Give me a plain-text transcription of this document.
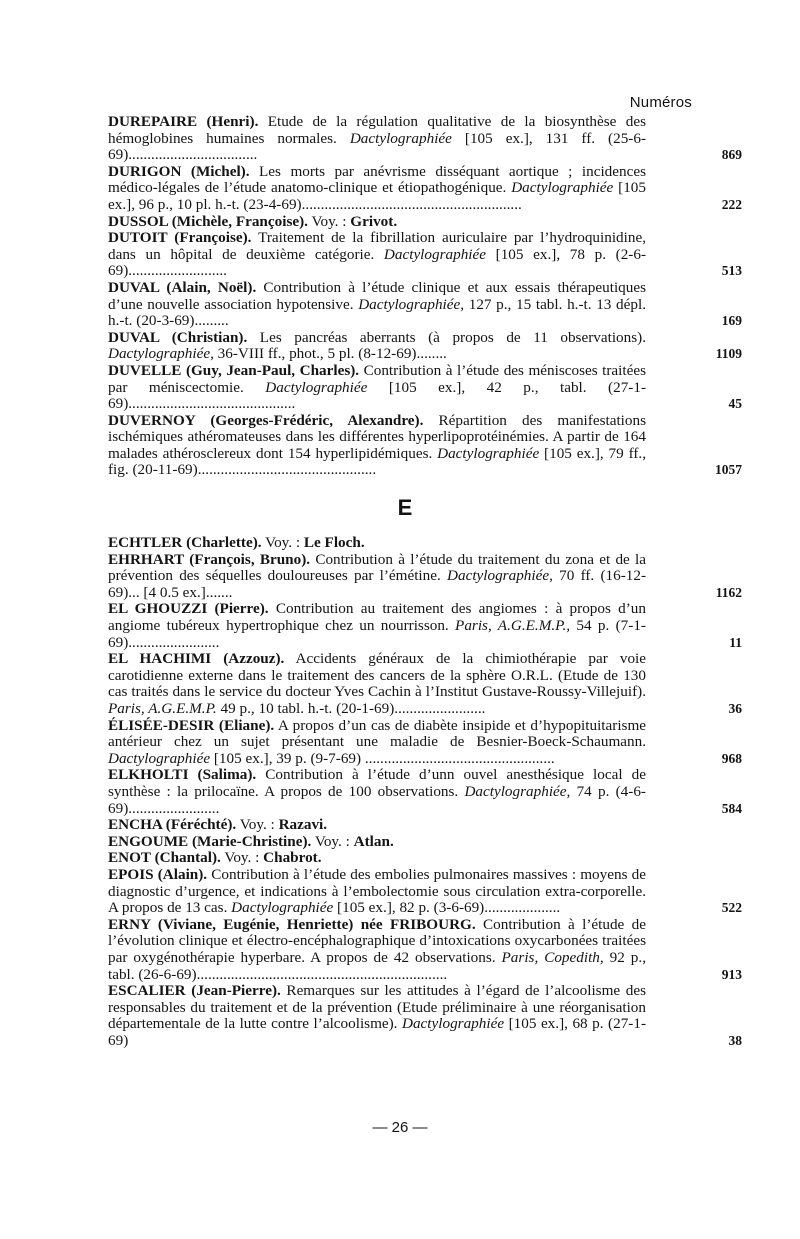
Numéros
DUREPAIRE (Henri). Etude de la régulation qualitative de la biosynthèse des hémoglobines humaines normales. Dactylographiée [105 ex.], 131 ff. (25-6-69)..................................	869
DURIGON (Michel). Les morts par anévrisme disséquant aortique ; incidences médico-légales de l’étude anatomo-clinique et étiopathogénique. Dactylographiée [105 ex.], 96 p., 10 pl. h.-t. (23-4-69)..........................................................	222
DUSSOL (Michèle, Françoise). Voy. : Grivot.
DUTOIT (Françoise). Traitement de la fibrillation auriculaire par l’hydroquinidine, dans un hôpital de deuxième catégorie. Dactylographiée [105 ex.], 78 p. (2-6-69)..........................	513
DUVAL (Alain, Noël). Contribution à l’étude clinique et aux essais thérapeutiques d’une nouvelle association hypotensive. Dactylographiée, 127 p., 15 tabl. h.-t. 13 dépl. h.-t. (20-3-69).........	169
DUVAL (Christian). Les pancréas aberrants (à propos de 11 observations). Dactylographiée, 36-VIII ff., phot., 5 pl. (8-12-69)........	1109
DUVELLE (Guy, Jean-Paul, Charles). Contribution à l’étude des méniscoses traitées par méniscectomie. Dactylographiée [105 ex.], 42 p., tabl. (27-1-69)............................................	45
DUVERNOY (Georges-Frédéric, Alexandre). Répartition des manifestations ischémiques athéromateuses dans les différentes hyperlipoprotéinémies. A partir de 164 malades athérosclereux dont 154 hyperlipidémiques. Dactylographiée [105 ex.], 79 ff., fig. (20-11-69)...............................................	1057
E
ECHTLER (Charlette). Voy. : Le Floch.
EHRHART (François, Bruno). Contribution à l’étude du traitement du zona et de la prévention des séquelles douloureuses par l’émétine. Dactylographiée, 70 ff. (16-12-69)... [4 0.5 ex.].......	1162
EL GHOUZZI (Pierre). Contribution au traitement des angiomes : à propos d’un angiome tubéreux hypertrophique chez un nourrisson. Paris, A.G.E.M.P., 54 p. (7-1-69)........................	11
EL HACHIMI (Azzouz). Accidents généraux de la chimiothérapie par voie carotidienne externe dans le traitement des cancers de la sphère O.R.L. (Etude de 130 cas traités dans le service du docteur Yves Cachin à l’Institut Gustave-Roussy-Villejuif). Paris, A.G.E.M.P. 49 p., 10 tabl. h.-t. (20-1-69)........................	36
ÉLISÉE-DESIR (Eliane). A propos d’un cas de diabète insipide et d’hypopituitarisme antérieur chez un sujet présentant une maladie de Besnier-Boeck-Schaumann. Dactylographiée [105 ex.], 39 p. (9-7-69) ..................................................	968
ELKHOLTI (Salima). Contribution à l’étude d’unn ouvel anesthésique local de synthèse : la prilocaïne. A propos de 100 observations. Dactylographiée, 74 p. (4-6-69)........................	584
ENCHA (Féréchté). Voy. : Razavi.
ENGOUME (Marie-Christine). Voy. : Atlan.
ENOT (Chantal). Voy. : Chabrot.
EPOIS (Alain). Contribution à l’étude des embolies pulmonaires massives : moyens de diagnostic d’urgence, et indications à l’embolectomie sous circulation extra-corporelle. A propos de 13 cas. Dactylographiée [105 ex.], 82 p. (3-6-69)....................	522
ERNY (Viviane, Eugénie, Henriette) née FRIBOURG. Contribution à l’étude de l’évolution clinique et électro-encéphalographique d’intoxications oxycarbonées traitées par oxygénothérapie hyperbare. A propos de 42 observations. Paris, Copedith, 92 p., tabl. (26-6-69)..................................................................	913
ESCALIER (Jean-Pierre). Remarques sur les attitudes à l’égard de l’alcoolisme des responsables du traitement et de la prévention (Etude préliminaire à une réorganisation départementale de la lutte contre l’alcoolisme). Dactylographiée [105 ex.], 68 p. (27-1-69)	38
— 26 —
